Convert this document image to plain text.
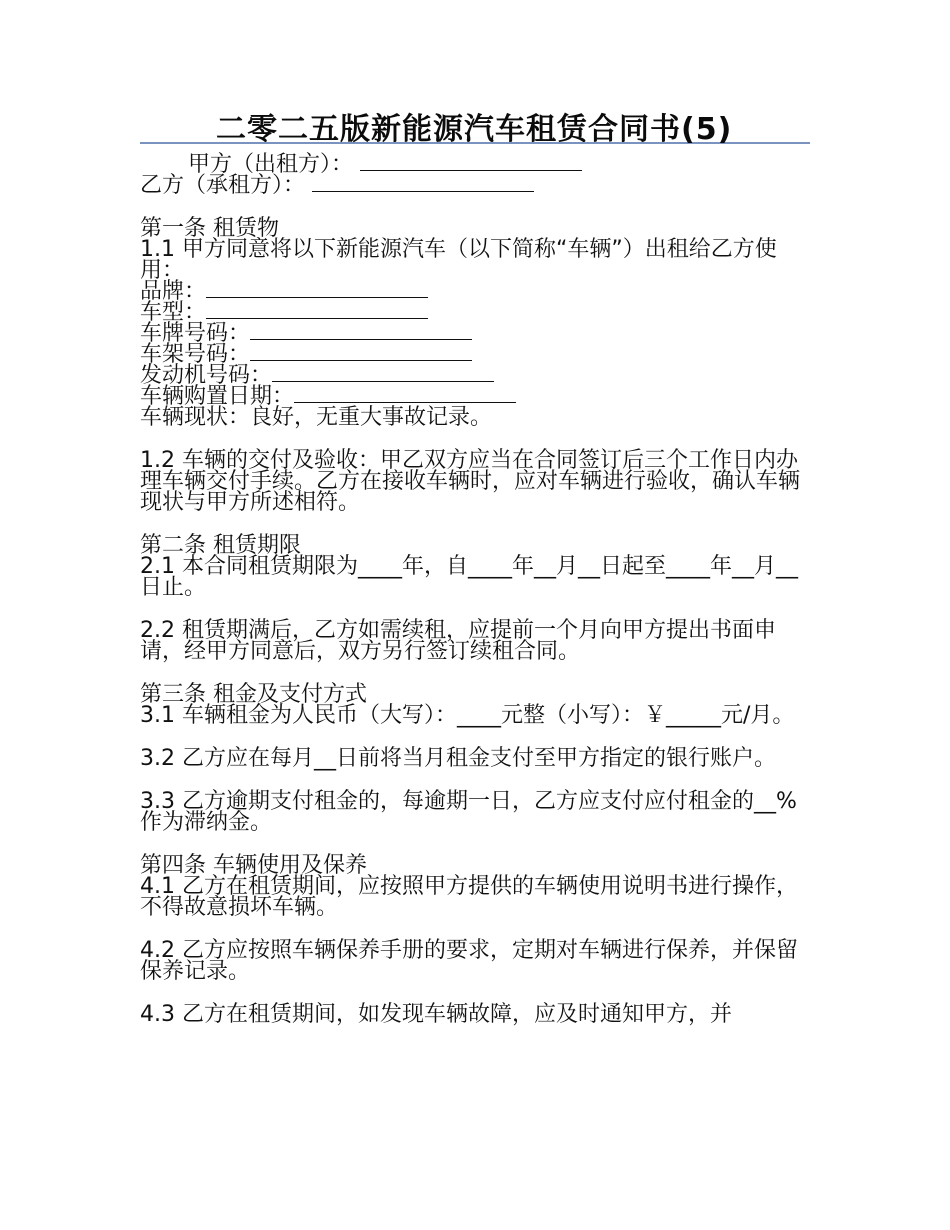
二零二五版新能源汽车租赁合同书(5)

甲方（出租方）：

乙方（承租方）：

第一条 租赁物

1.1 甲方同意将以下新能源汽车（以下简称“车辆”）出租给乙方使用：

品牌：

车型：

车牌号码：

车架号码：

发动机号码：

车辆购置日期：

车辆现状：良好，无重大事故记录。

1.2 车辆的交付及验收：甲乙双方应当在合同签订后三个工作日内办理车辆交付手续。乙方在接收车辆时，应对车辆进行验收，确认车辆现状与甲方所述相符。

第二条 租赁期限

2.1 本合同租赁期限为____年，自____年__月__日起至____年__月__日止。

2.2 租赁期满后，乙方如需续租，应提前一个月向甲方提出书面申请，经甲方同意后，双方另行签订续租合同。

第三条 租金及支付方式

3.1 车辆租金为人民币（大写）：____元整（小写）：￥_____元/月。

3.2 乙方应在每月__日前将当月租金支付至甲方指定的银行账户。

3.3 乙方逾期支付租金的，每逾期一日，乙方应支付应付租金的__%作为滞纳金。

第四条 车辆使用及保养

4.1 乙方在租赁期间，应按照甲方提供的车辆使用说明书进行操作，不得故意损坏车辆。

4.2 乙方应按照车辆保养手册的要求，定期对车辆进行保养，并保留保养记录。

4.3 乙方在租赁期间，如发现车辆故障，应及时通知甲方，并
